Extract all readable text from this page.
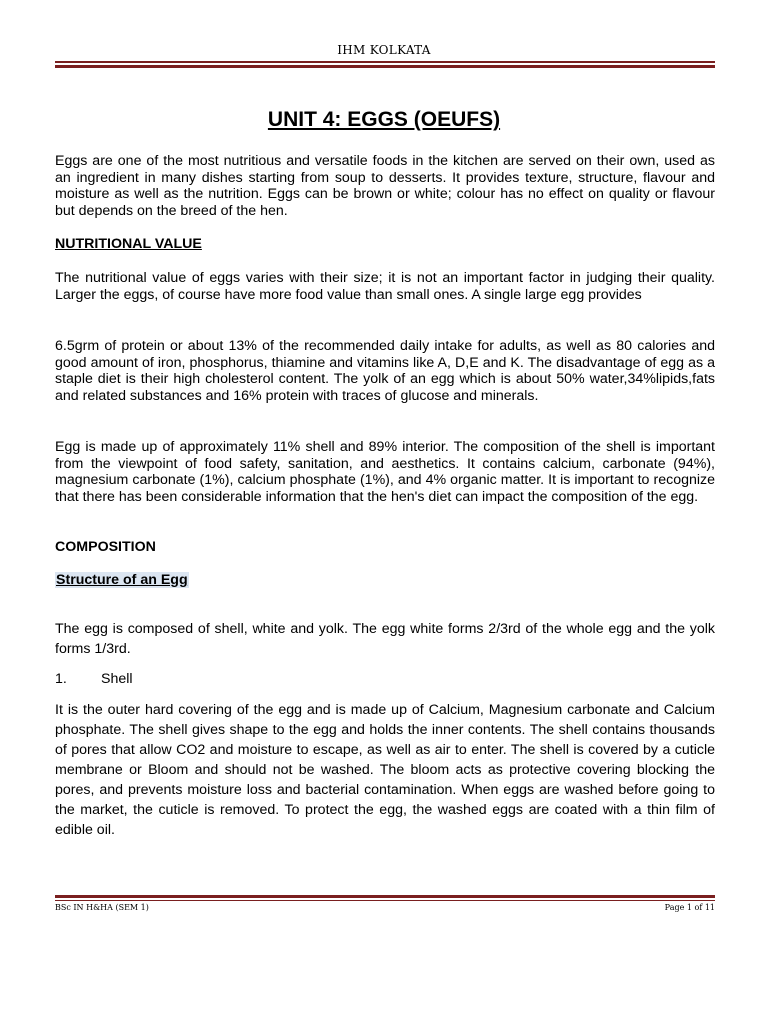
IHM KOLKATA
UNIT 4: EGGS (OEUFS)

Eggs are one of the most nutritious and versatile foods in the kitchen are served on their own, used as an ingredient in many dishes starting from soup to desserts. It provides texture, structure, flavour and moisture as well as the nutrition. Eggs can be brown or white; colour has no effect on quality or flavour but depends on the breed of the hen.

NUTRITIONAL VALUE

The nutritional value of eggs varies with their size; it is not an important factor in judging their quality. Larger the eggs, of course have more food value than small ones. A single large egg provides

6.5grm of protein or about 13% of the recommended daily intake for adults, as well as 80 calories and good amount of iron, phosphorus, thiamine and vitamins like A, D,E and K. The disadvantage of egg as a staple diet is their high cholesterol content. The yolk of an egg which is about 50% water,34%lipids,fats and related substances and 16% protein with traces of glucose and minerals.

Egg is made up of approximately 11% shell and 89% interior. The composition of the shell is important from the viewpoint of food safety, sanitation, and aesthetics. It contains calcium, carbonate (94%), magnesium carbonate (1%), calcium phosphate (1%), and 4% organic matter. It is important to recognize that there has been considerable information that the hen's diet can impact the composition of the egg.

COMPOSITION
Structure of an Egg

The egg is composed of shell, white and yolk. The egg white forms 2/3rd of the whole egg and the yolk forms 1/3rd.

1. Shell

It is the outer hard covering of the egg and is made up of Calcium, Magnesium carbonate and Calcium phosphate. The shell gives shape to the egg and holds the inner contents. The shell contains thousands of pores that allow CO2 and moisture to escape, as well as air to enter. The shell is covered by a cuticle membrane or Bloom and should not be washed. The bloom acts as protective covering blocking the pores, and prevents moisture loss and bacterial contamination. When eggs are washed before going to the market, the cuticle is removed. To protect the egg, the washed eggs are coated with a thin film of edible oil.

BSc IN H&HA (SEM 1)	Page 1 of 11
